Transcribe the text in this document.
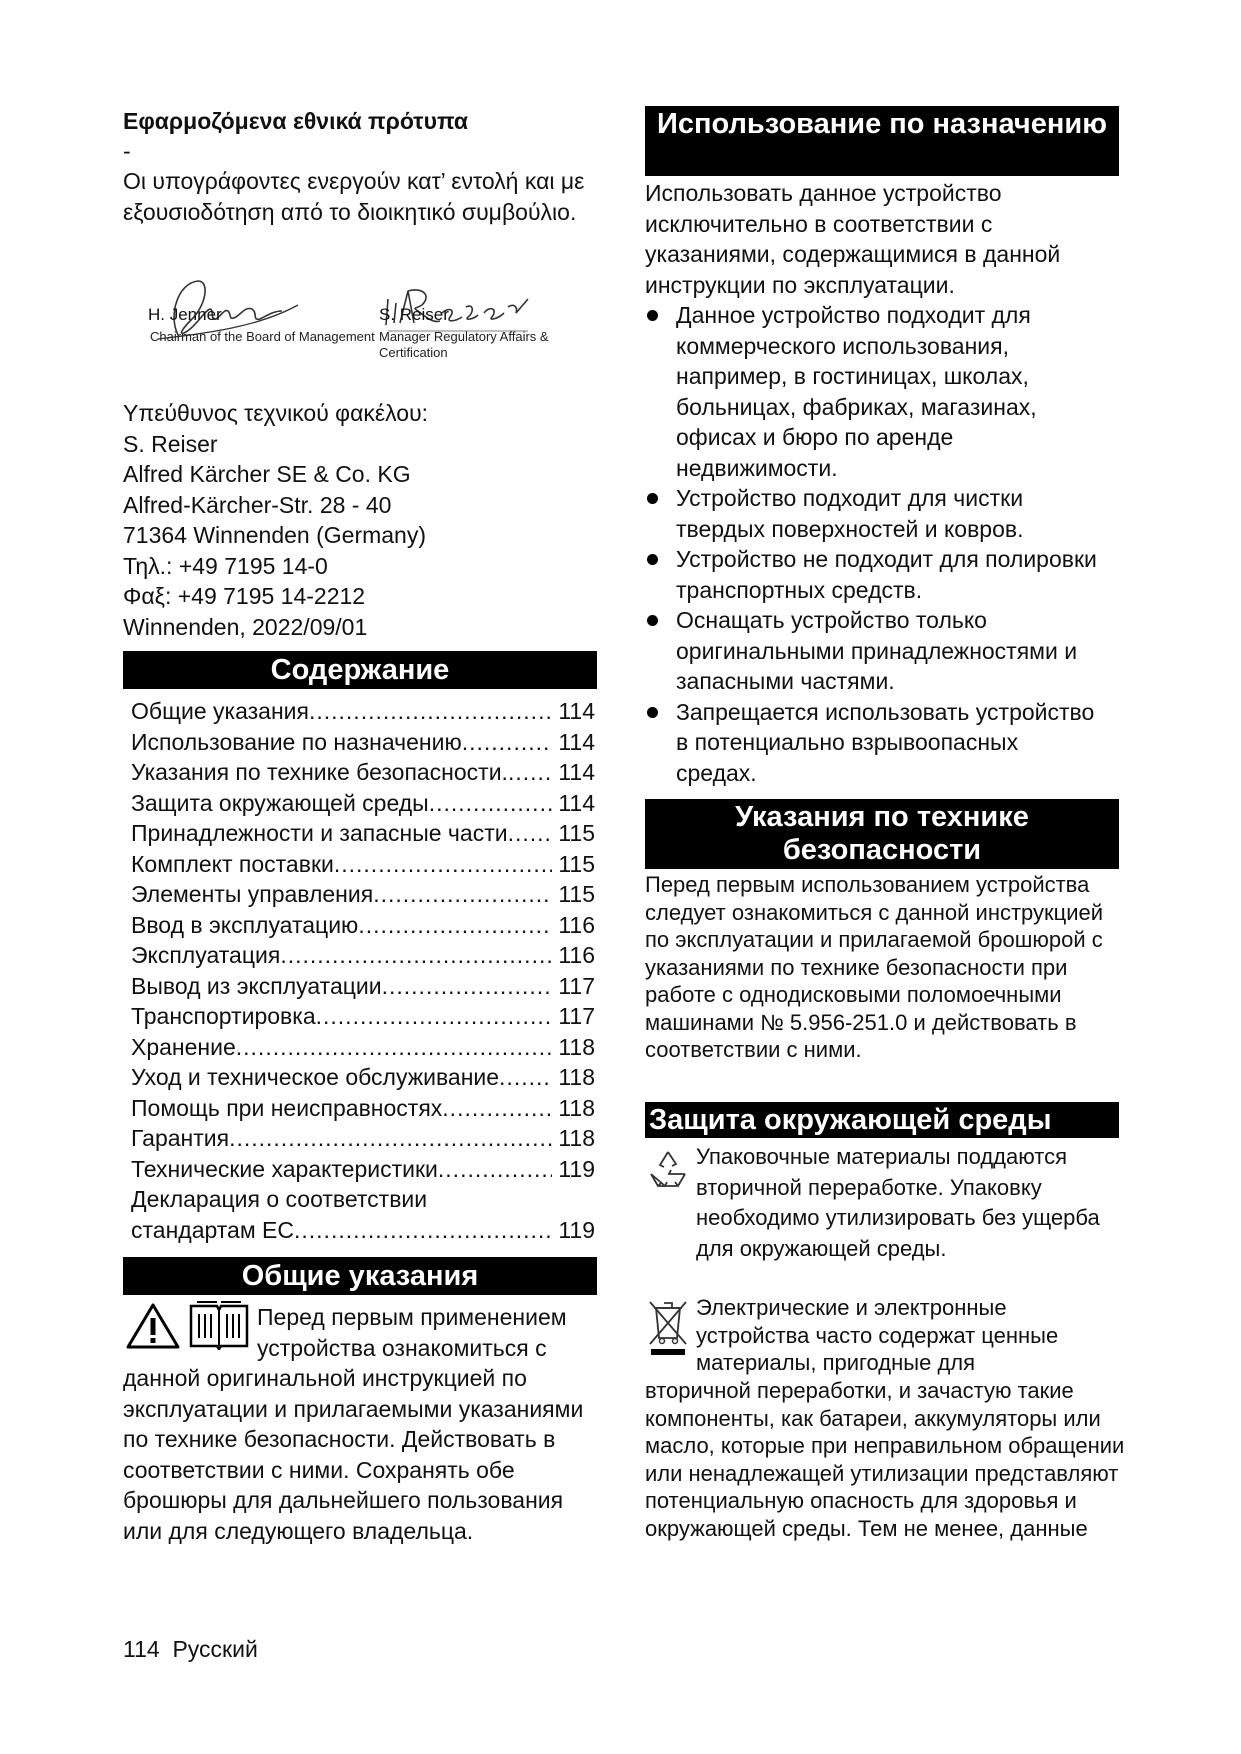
Εφαρμοζόμενα εθνικά πρότυπα
-
Οι υπογράφοντες ενεργούν κατ’ εντολή και με εξουσιοδότηση από το διοικητικό συμβούλιο.
H. Jenner
Chairman of the Board of Management
S. Reiser
Manager Regulatory Affairs & Certification
Υπεύθυνος τεχνικού φακέλου:
S. Reiser
Alfred Kärcher SE & Co. KG
Alfred-Kärcher-Str. 28 - 40
71364 Winnenden (Germany)
Τηλ.: +49 7195 14-0
Φαξ: +49 7195 14-2212
Winnenden, 2022/09/01
Содержание
Общие указания .....	114
Использование по назначению .....	114
Указания по технике безопасности. ..... 114
Защита окружающей среды .....	114
Принадлежности и запасные части ..... 115
Комплект поставки .....	115
Элементы управления .....	115
Ввод в эксплуатацию .....	116
Эксплуатация .....	116
Вывод из эксплуатации .....	117
Транспортировка .....	117
Хранение .....	118
Уход и техническое обслуживание .....	118
Помощь при неисправностях .....	118
Гарантия .....	118
Технические характеристики .....	119
Декларация о соответствии
стандартам ЕС .....	119
Общие указания
Перед первым применением устройства ознакомиться с
данной оригинальной инструкцией по эксплуатации и прилагаемыми указаниями по технике безопасности. Действовать в соответствии с ними. Сохранять обе брошюры для дальнейшего пользования или для следующего владельца.
Использование по назначению
Использовать данное устройство исключительно в соответствии с указаниями, содержащимися в данной инструкции по эксплуатации.
Данное устройство подходит для коммерческого использования, например, в гостиницах, школах, больницах, фабриках, магазинах, офисах и бюро по аренде недвижимости.
Устройство подходит для чистки твердых поверхностей и ковров.
Устройство не подходит для полировки транспортных средств.
Оснащать устройство только оригинальными принадлежностями и запасными частями.
Запрещается использовать устройство в потенциально взрывоопасных средах.
Указания по технике безопасности
Перед первым использованием устройства следует ознакомиться с данной инструкцией по эксплуатации и прилагаемой брошюрой с указаниями по технике безопасности при работе с однодисковыми поломоечными машинами № 5.956-251.0 и действовать в соответствии с ними.
Защита окружающей среды
Упаковочные материалы поддаются вторичной переработке. Упаковку необходимо утилизировать без ущерба для окружающей среды.
Электрические и электронные устройства часто содержат ценные материалы, пригодные для
вторичной переработки, и зачастую такие компоненты, как батареи, аккумуляторы или масло, которые при неправильном обращении или ненадлежащей утилизации представляют потенциальную опасность для здоровья и окружающей среды. Тем не менее, данные
114 Русский
